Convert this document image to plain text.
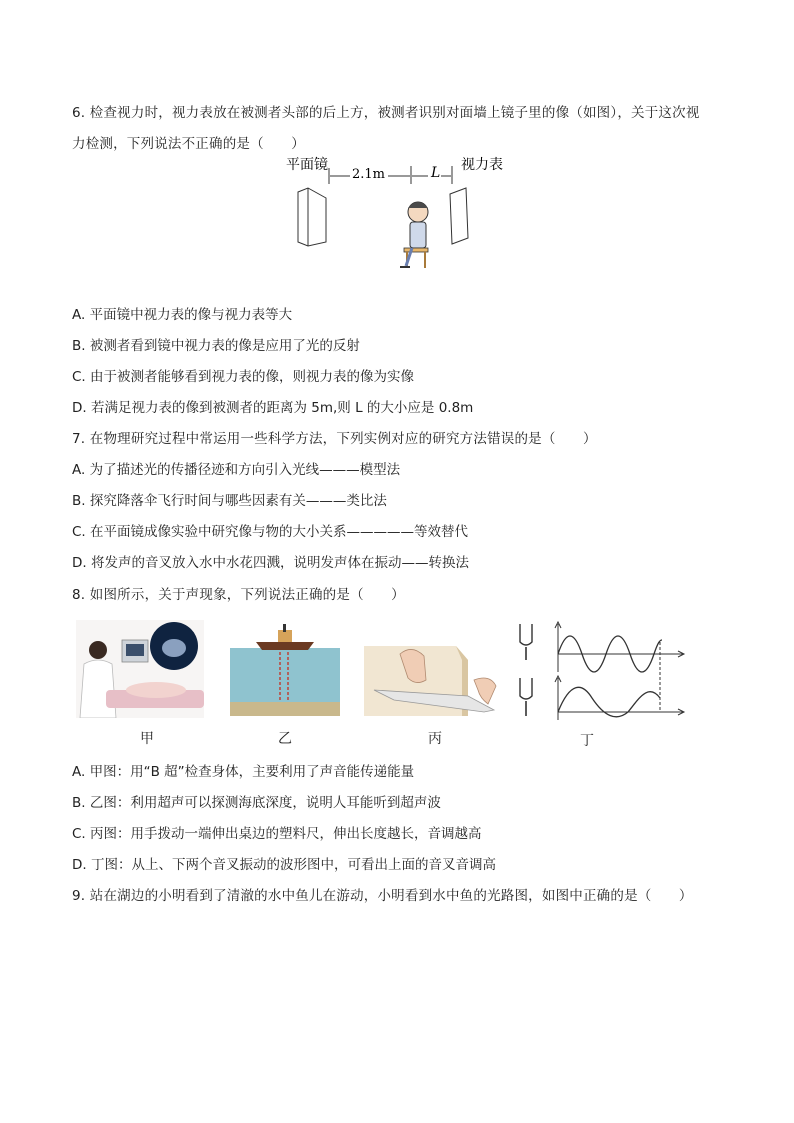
6. 检查视力时，视力表放在被测者头部的后上方，被测者识别对面墙上镜子里的像（如图），关于这次视
力检测，下列说法不正确的是（　　）
平面镜
2.1m	L 视力表
A. 平面镜中视力表的像与视力表等大
B. 被测者看到镜中视力表的像是应用了光的反射
C. 由于被测者能够看到视力表的像，则视力表的像为实像
D. 若满足视力表的像到被测者的距离为 5m,则 L 的大小应是 0.8m
7. 在物理研究过程中常运用一些科学方法，下列实例对应的研究方法错误的是（　　）
A. 为了描述光的传播径迹和方向引入光线———模型法
B. 探究降落伞飞行时间与哪些因素有关———类比法
C. 在平面镜成像实验中研究像与物的大小关系—————等效替代
D. 将发声的音叉放入水中水花四溅，说明发声体在振动——转换法
8. 如图所示，关于声现象，下列说法正确的是（　　）
甲	乙	丙	丁
A. 甲图：用“B 超”检查身体，主要利用了声音能传递能量
B. 乙图：利用超声可以探测海底深度，说明人耳能听到超声波
C. 丙图：用手拨动一端伸出桌边的塑料尺，伸出长度越长，音调越高
D. 丁图：从上、下两个音叉振动的波形图中，可看出上面的音叉音调高
9. 站在湖边的小明看到了清澈的水中鱼儿在游动，小明看到水中鱼的光路图，如图中正确的是（　　）
